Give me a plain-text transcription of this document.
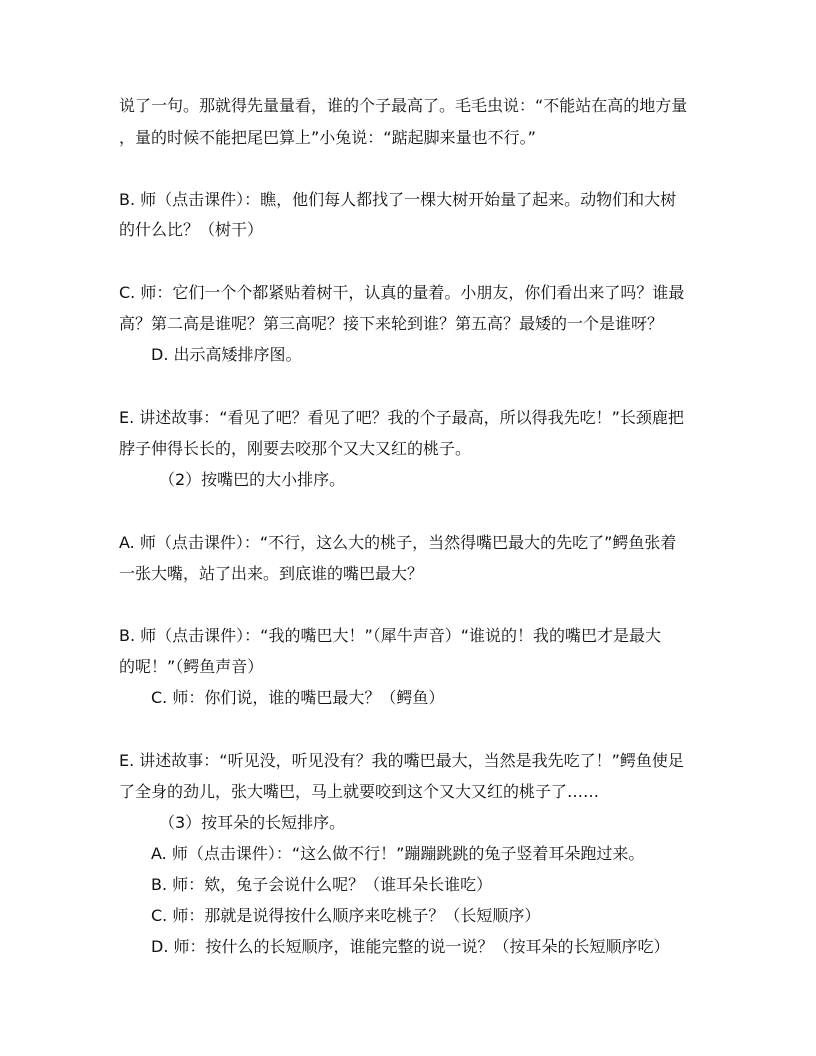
说了一句。那就得先量量看，谁的个子最高了。毛毛虫说：“不能站在高的地方量
，量的时候不能把尾巴算上”小兔说：“踮起脚来量也不行。”
B. 师（点击课件）：瞧，他们每人都找了一棵大树开始量了起来。动物们和大树
的什么比？（树干）
C. 师：它们一个个都紧贴着树干，认真的量着。小朋友，你们看出来了吗？谁最
高？第二高是谁呢？第三高呢？接下来轮到谁？第五高？最矮的一个是谁呀？
D. 出示高矮排序图。
E. 讲述故事：“看见了吧？看见了吧？我的个子最高，所以得我先吃！”长颈鹿把
脖子伸得长长的，刚要去咬那个又大又红的桃子。
（2）按嘴巴的大小排序。
A. 师（点击课件）：“不行，这么大的桃子，当然得嘴巴最大的先吃了”鳄鱼张着
一张大嘴，站了出来。到底谁的嘴巴最大？
B. 师（点击课件）：“我的嘴巴大！”（犀牛声音）“谁说的！我的嘴巴才是最大
的呢！”（鳄鱼声音）
C. 师：你们说，谁的嘴巴最大？（鳄鱼）
E. 讲述故事：“听见没，听见没有？我的嘴巴最大，当然是我先吃了！”鳄鱼使足
了全身的劲儿，张大嘴巴，马上就要咬到这个又大又红的桃子了……
（3）按耳朵的长短排序。
A. 师（点击课件）：“这么做不行！”蹦蹦跳跳的兔子竖着耳朵跑过来。
B. 师：欸，兔子会说什么呢？（谁耳朵长谁吃）
C. 师：那就是说得按什么顺序来吃桃子？（长短顺序）
D. 师：按什么的长短顺序，谁能完整的说一说？（按耳朵的长短顺序吃）
